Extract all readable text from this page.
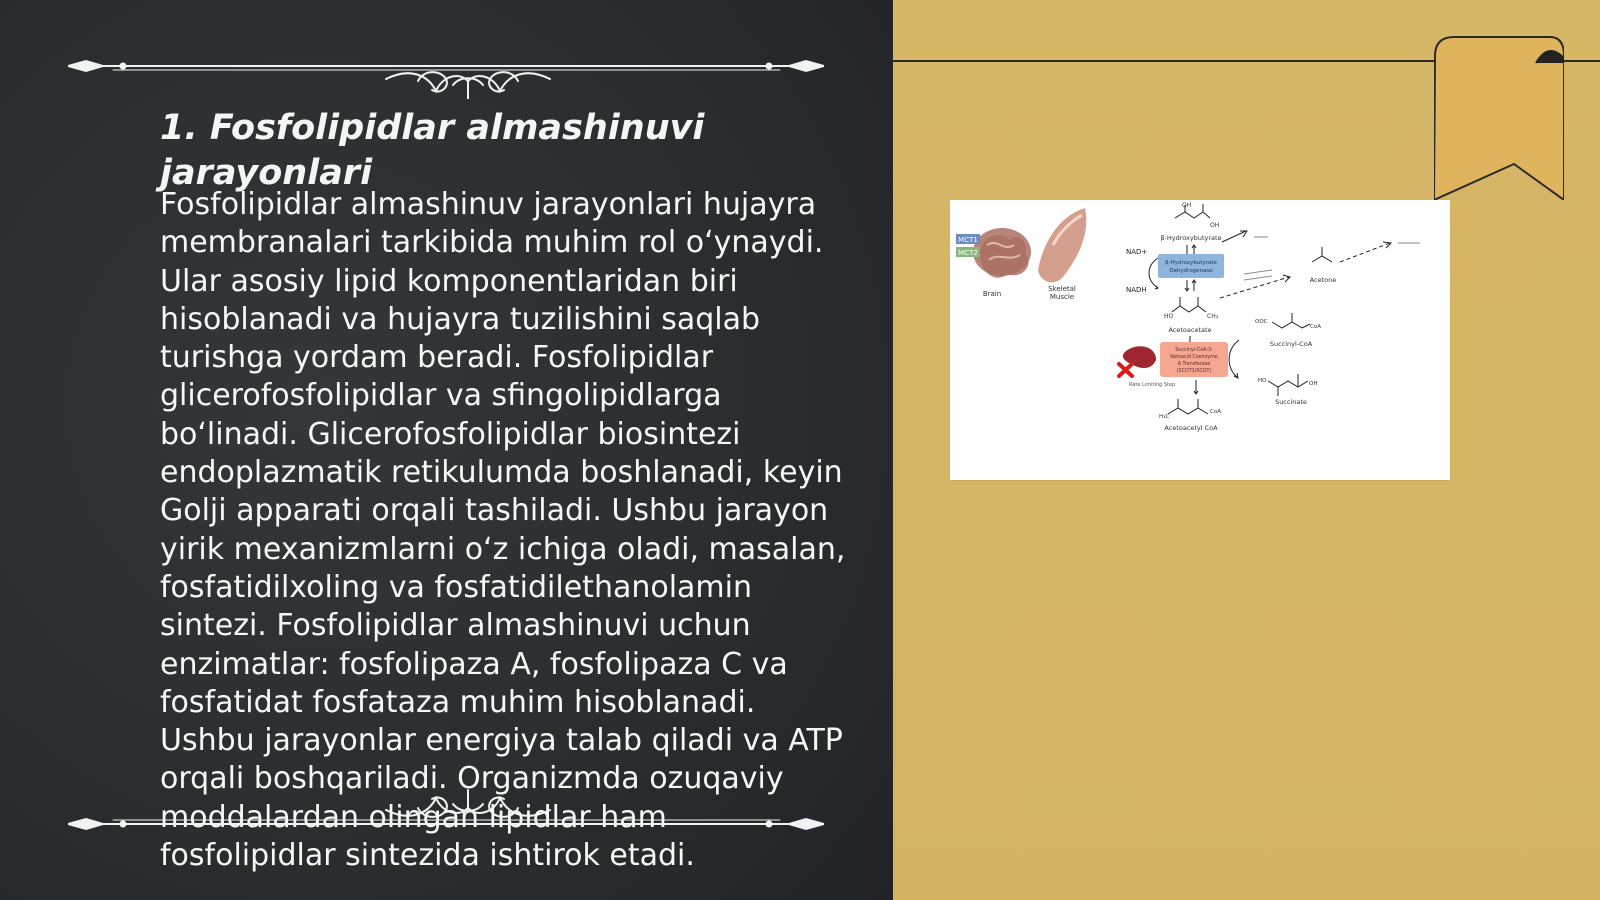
1. Fosfolipidlar almashinuvi
jarayonlari

Fosfolipidlar almashinuv jarayonlari hujayra membranalari tarkibida muhim rol o‘ynaydi. Ular asosiy lipid komponentlaridan biri hisoblanadi va hujayra tuzilishini saqlab turishga yordam beradi. Fosfolipidlar glicerofosfolipidlar va sfingolipidlarga bo‘linadi. Glicerofosfolipidlar biosintezi endoplazmatik retikulumda boshlanadi, keyin Golji apparati orqali tashiladi. Ushbu jarayon yirik mexanizmlarni o‘z ichiga oladi, masalan, fosfatidilxoling va fosfatidilethanolamin sintezi. Fosfolipidlar almashinuvi uchun enzimatlar: fosfolipaza A, fosfolipaza C va fosfatidat fosfataza muhim hisoblanadi. Ushbu jarayonlar energiya talab qiladi va ATP orqali boshqariladi. Organizmda ozuqaviy moddalardan olingan lipidlar ham fosfolipidlar sintezida ishtirok etadi.

MCT1
MCT2
Brain
Skeletal
Muscle
OH
OH
β-Hydroxybutyrate
NAD+
NADH
β-Hydroxybutyrate
Dehydrogenase
HO	CH₃
Acetoacetate
Acetone
Succinyl-CoA:3-
Ketoacid Coenzyme
A Transferase
(SCOT1/SCOT)
Rate Limiting Step
OOC
CoA
Succinyl-CoA
HO	OH
Succinate
H₃C
CoA
Acetoacetyl CoA
